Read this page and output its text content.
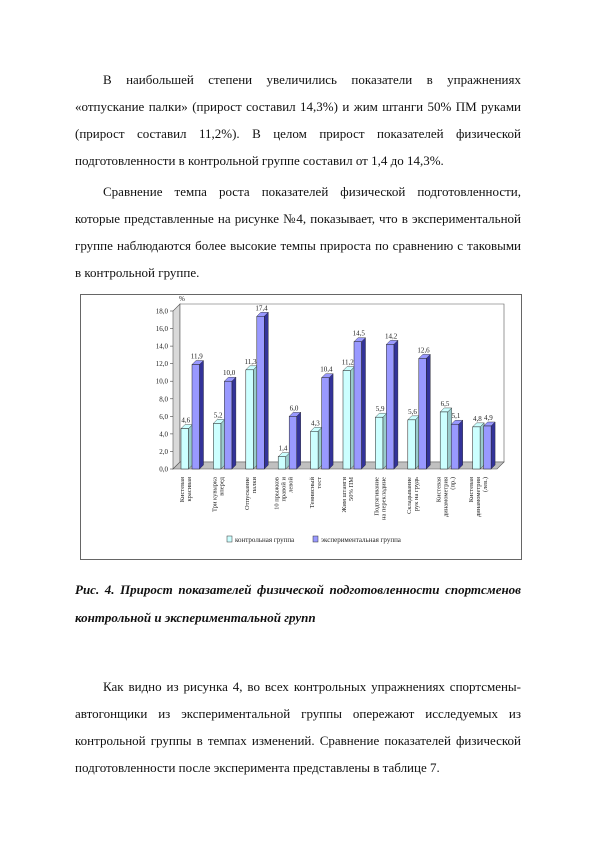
В наибольшей степени увеличились показатели в упражнениях «отпускание палки» (прирост составил 14,3%) и жим штанги 50% ПМ руками (прирост составил 11,2%). В целом прирост показателей физической подготовленности в контрольной группе составил от 1,4 до 14,3%.

Сравнение темпа роста показателей физической подготовленности, которые представленные на рисунке №4, показывает, что в экспериментальной группе наблюдаются более высокие темпы прироста по сравнению с таковыми в контрольной группе.

0,0
2,0
4,0
6,0
8,0
10,0
12,0
14,0
16,0
18,0
%
4,6
11,9
Кистеваякрасивая
5,2
10,0
Три кувыркавперед
11,3
17,4
Отпусканиепалки
1,4
6,0
10 прыжковправой илевой
4,3
10,4
Теннисныйтест
11,2
14,5
Жим штанги50% ПМ
5,9
14,2
Подтягиваниена перекладине
5,6
12,6
Складываниерук на грудь
6,5
5,1
Кистеваядинамометрия(пр.)
4,8 4,9
Кистеваядинамометрия(лев.)
контрольная группа	экспериментальная группа

Рис. 4. Прирост показателей физической подготовленности спортсменов контрольной и экспериментальной групп

Как видно из рисунка 4, во всех контрольных упражнениях спортсмены-автогонщики из экспериментальной группы опережают исследуемых из контрольной группы в темпах изменений. Сравнение показателей физической подготовленности после эксперимента представлены в таблице 7.
